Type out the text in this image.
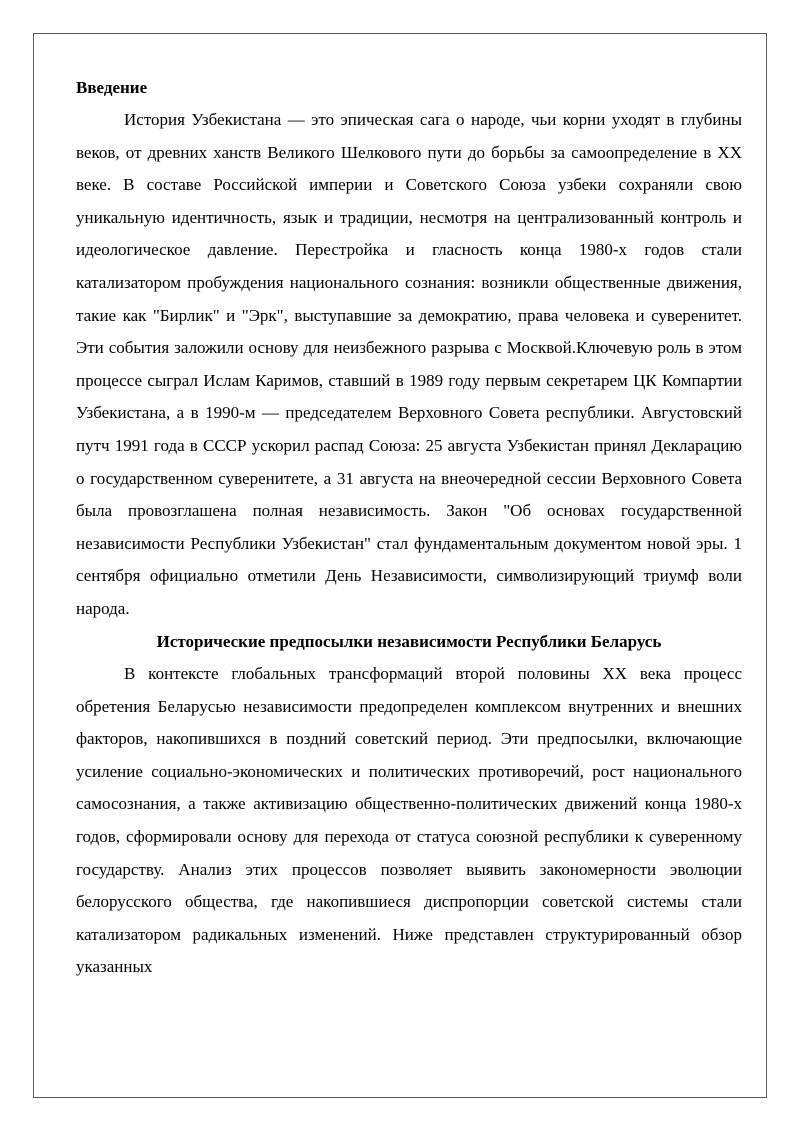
Введение

История Узбекистана — это эпическая сага о народе, чьи корни уходят в глубины веков, от древних ханств Великого Шелкового пути до борьбы за самоопределение в XX веке. В составе Российской империи и Советского Союза узбеки сохраняли свою уникальную идентичность, язык и традиции, несмотря на централизованный контроль и идеологическое давление. Перестройка и гласность конца 1980-х годов стали катализатором пробуждения национального сознания: возникли общественные движения, такие как "Бирлик" и "Эрк", выступавшие за демократию, права человека и суверенитет. Эти события заложили основу для неизбежного разрыва с Москвой.Ключевую роль в этом процессе сыграл Ислам Каримов, ставший в 1989 году первым секретарем ЦК Компартии Узбекистана, а в 1990-м — председателем Верховного Совета республики. Августовский путч 1991 года в СССР ускорил распад Союза: 25 августа Узбекистан принял Декларацию о государственном суверенитете, а 31 августа на внеочередной сессии Верховного Совета была провозглашена полная независимость. Закон "Об основах государственной независимости Республики Узбекистан" стал фундаментальным документом новой эры. 1 сентября официально отметили День Независимости, символизирующий триумф воли народа.

Исторические предпосылки независимости Республики Беларусь

В контексте глобальных трансформаций второй половины XX века процесс обретения Беларусью независимости предопределен комплексом внутренних и внешних факторов, накопившихся в поздний советский период. Эти предпосылки, включающие усиление социально-экономических и политических противоречий, рост национального самосознания, а также активизацию общественно-политических движений конца 1980-х годов, сформировали основу для перехода от статуса союзной республики к суверенному государству. Анализ этих процессов позволяет выявить закономерности эволюции белорусского общества, где накопившиеся диспропорции советской системы стали катализатором радикальных изменений. Ниже представлен структурированный обзор указанных
